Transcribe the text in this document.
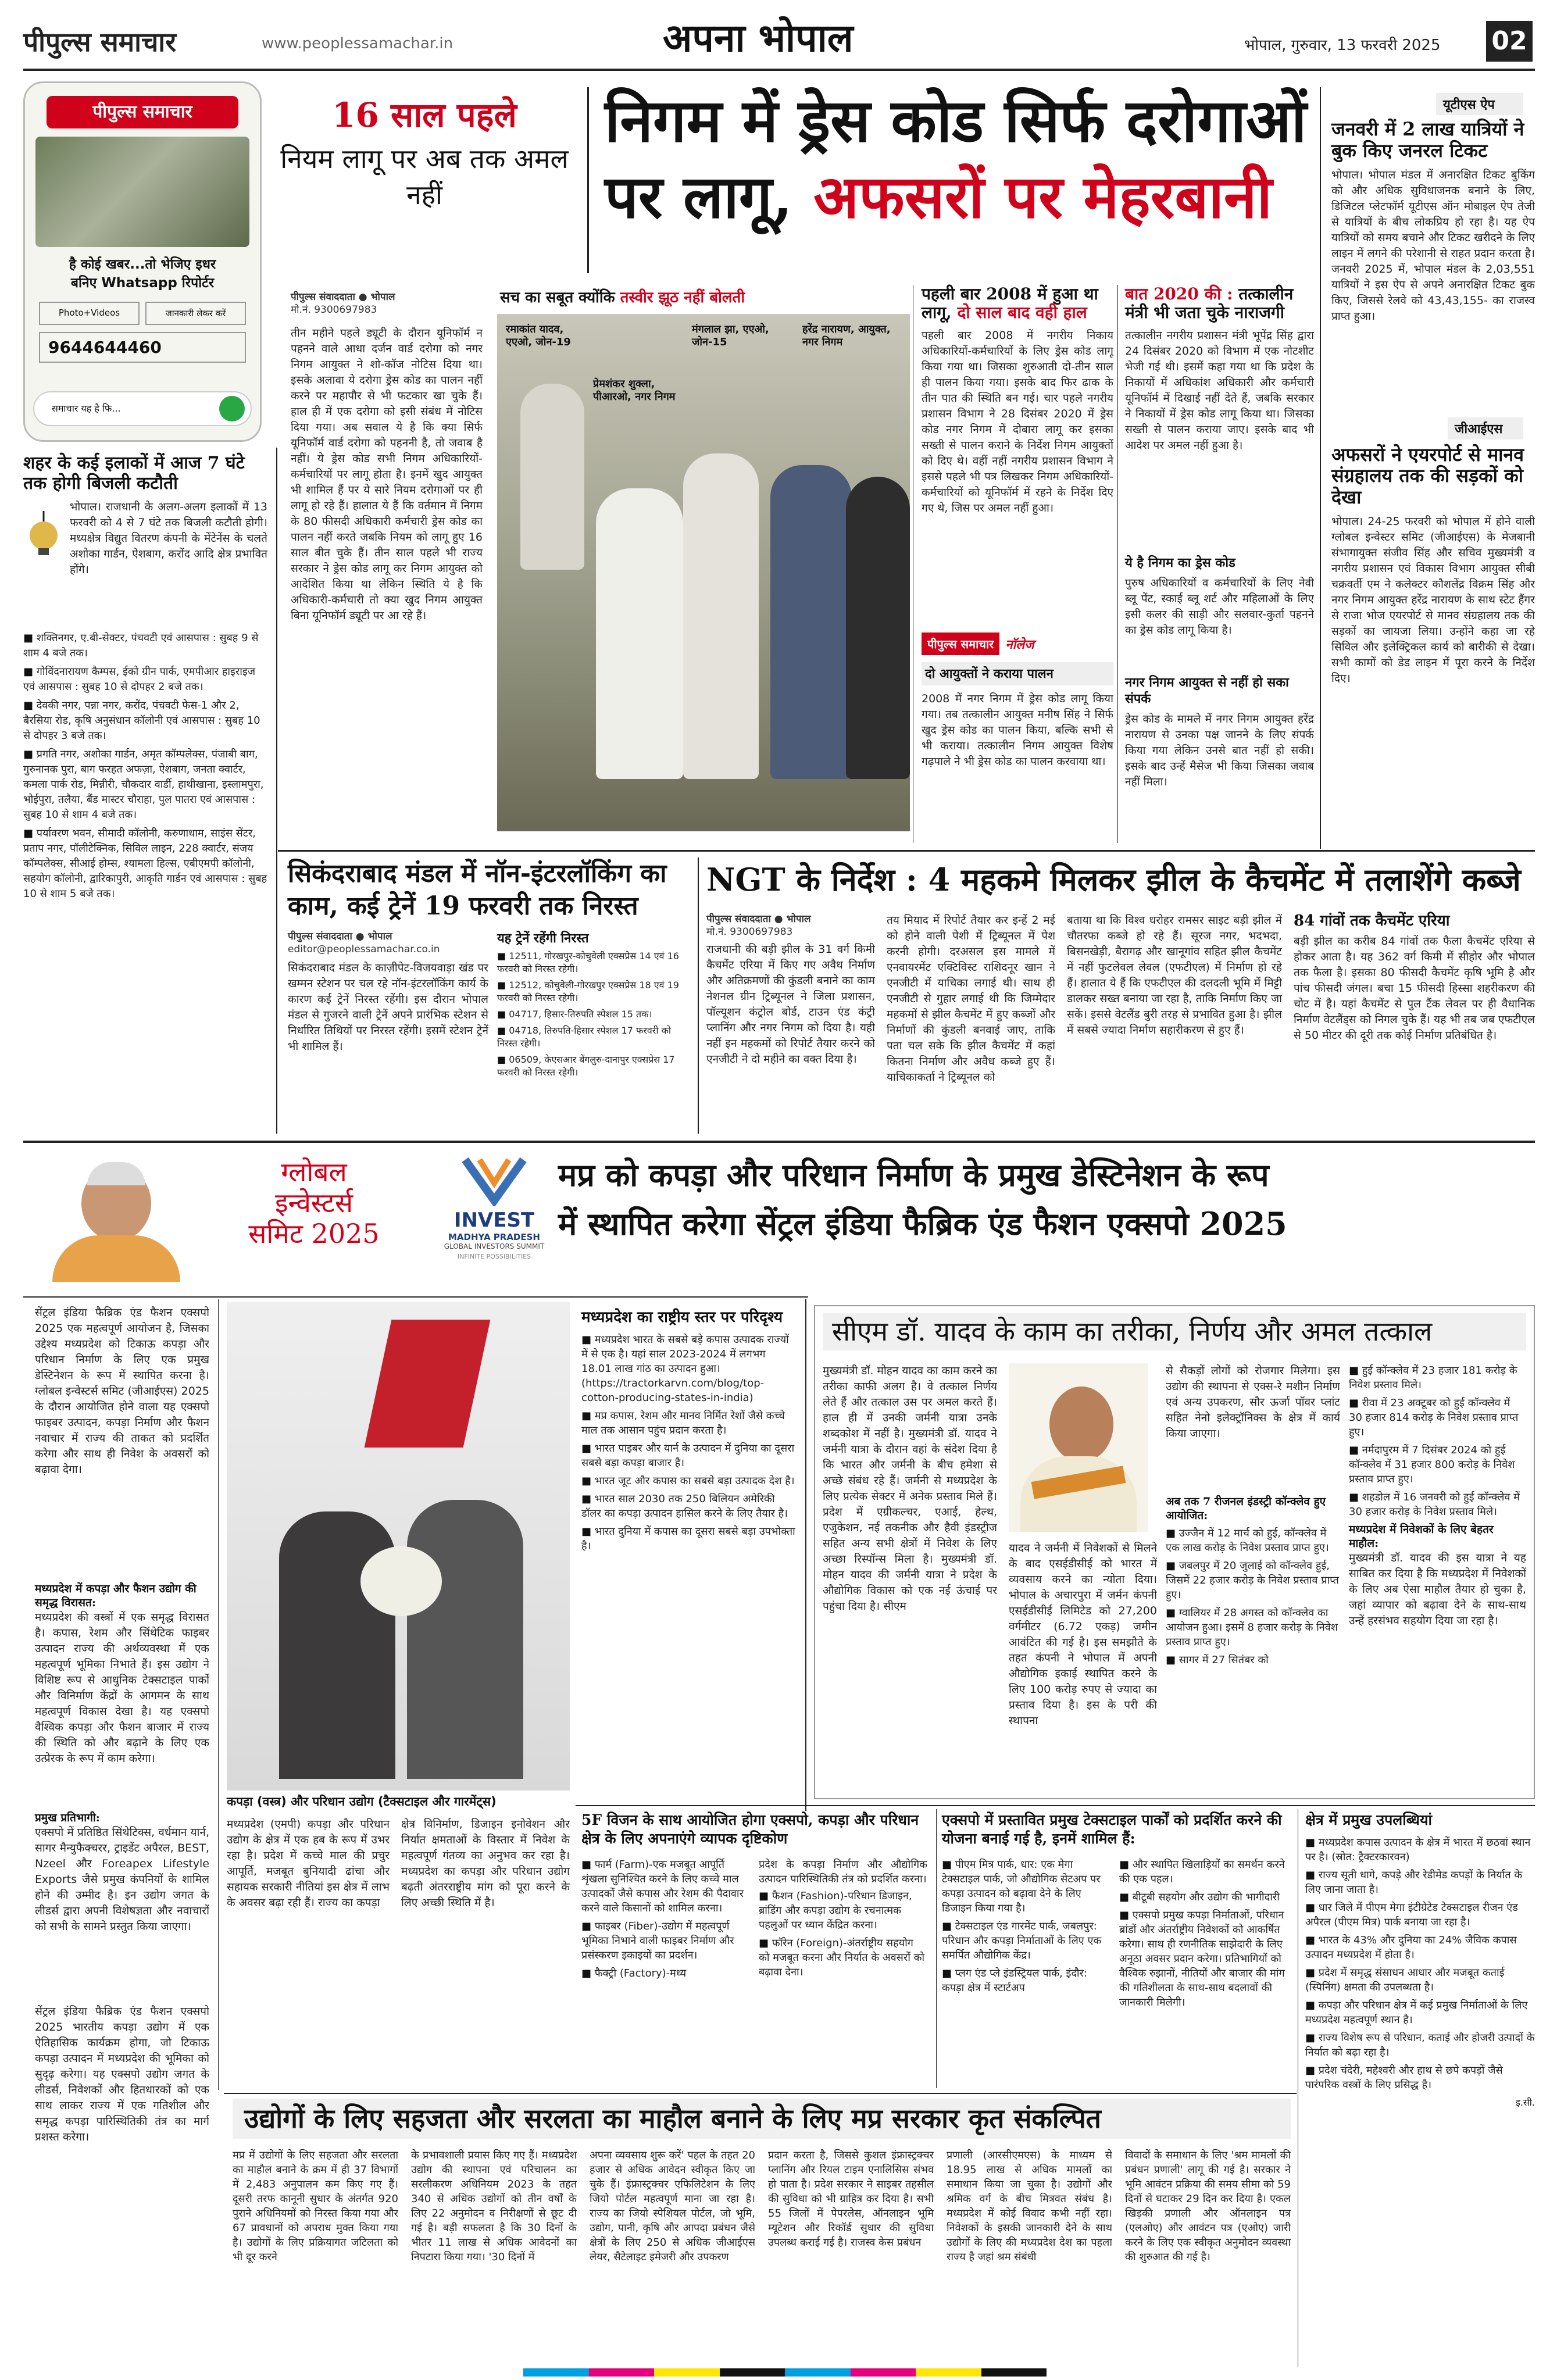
पीपुल्स समाचार	www.peoplessamachar.in	अपना भोपाल	भोपाल, गुरुवार, 13 फरवरी 2025 02
पीपुल्स समाचार
है कोई खबर...तो भेजिए इधर
बनिए Whatsapp रिपोर्टर
Photo+Videos	जानकारी लेकर करें
9644644460
समाचार यह है फि...
16 साल पहले
नियम लागू पर अब तक अमल नहीं
निगम में ड्रेस कोड सिर्फ दरोगाओं
पर लागू, अफसरों पर मेहरबानी
यूटीएस ऐप
जनवरी में 2 लाख यात्रियों ने बुक किए जनरल टिकट
भोपाल। भोपाल मंडल में अनारक्षित टिकट बुकिंग को और अधिक सुविधाजनक बनाने के लिए, डिजिटल प्लेटफॉर्म यूटीएस ऑन मोबाइल ऐप तेजी से यात्रियों के बीच लोकप्रिय हो रहा है। यह ऐप यात्रियों को समय बचाने और टिकट खरीदने के लिए लाइन में लगने की परेशानी से राहत प्रदान करता है। जनवरी 2025 में, भोपाल मंडल के 2,03,551 यात्रियों ने इस ऐप से अपने अनारक्षित टिकट बुक किए, जिससे रेलवे को 43,43,155- का राजस्व प्राप्त हुआ।
जीआईएस
अफसरों ने एयरपोर्ट से मानव संग्रहालय तक की सड़कों को देखा
भोपाल। 24-25 फरवरी को भोपाल में होने वाली ग्लोबल इन्वेस्टर समिट (जीआईएस) के मेजबानी संभागायुक्त संजीव सिंह और सचिव मुख्यमंत्री व नगरीय प्रशासन एवं विकास विभाग आयुक्त सीबी चक्रवर्ती एम ने कलेक्टर कौशलेंद्र विक्रम सिंह और नगर निगम आयुक्त हरेंद्र नारायण के साथ स्टेट हैंगर से राजा भोज एयरपोर्ट से मानव संग्रहालय तक की सड़कों का जायजा लिया। उन्होंने कहा जा रहे सिविल और इलेक्ट्रिकल कार्य को बारीकी से देखा। सभी कामों को डेड लाइन में पूरा करने के निर्देश दिए।
शहर के कई इलाकों में आज 7 घंटे तक होगी बिजली कटौती
भोपाल। राजधानी के अलग-अलग इलाकों में 13 फरवरी को 4 से 7 घंटे तक बिजली कटौती होगी। मध्यक्षेत्र विद्युत वितरण कंपनी के मेंटेनेंस के चलते अशोका गार्डन, ऐशबाग, करोंद आदि क्षेत्र प्रभावित होंगे।
■ शक्तिनगर, ए.बी-सेक्टर, पंचवटी एवं आसपास : सुबह 9 से शाम 4 बजे तक।
■ गोविंदनारायण कैम्पस, ईको ग्रीन पार्क, एमपीआर हाइराइज एवं आसपास : सुबह 10 से दोपहर 2 बजे तक।
■ देवकी नगर, पन्ना नगर, करोंद, पंचवटी फेस-1 और 2, बैरसिया रोड, कृषि अनुसंधान कॉलोनी एवं आसपास : सुबह 10 से दोपहर 3 बजे तक।
■ प्रगति नगर, अशोका गार्डन, अमृत कॉम्पलेक्स, पंजाबी बाग, गुरुनानक पुरा, बाग फरहत अफज़ा, ऐशबाग, जनता क्वार्टर, कमला पार्क रोड, मिन्नीरी, चौकदार वार्डी, हाथीखाना, इस्लामपुरा, भोईपुरा, तलैया, बैंड मास्टर चौराहा, पुल पातरा एवं आसपास : सुबह 10 से शाम 4 बजे तक।
■ पर्यावरण भवन, सीमादी कॉलोनी, करुणाधाम, साइंस सेंटर, प्रताप नगर, पॉलीटेक्निक, सिविल लाइन, 228 क्वार्टर, संजय कॉम्पलेक्स, सीआई होम्स, श्यामला हिल्स, एबीएमपी कॉलोनी, सहयोग कॉलोनी, द्वारिकापुरी, आकृति गार्डन एवं आसपास : सुबह 10 से शाम 5 बजे तक।
पीपुल्स संवाददाता ● भोपाल
मो.नं. 9300697983
तीन महीने पहले ड्यूटी के दौरान यूनिफॉर्म न पहनने वाले आधा दर्जन वार्ड दरोगा को नगर निगम आयुक्त ने शो-कॉज नोटिस दिया था। इसके अलावा ये दरोगा ड्रेस कोड का पालन नहीं करने पर महापौर से भी फटकार खा चुके हैं। हाल ही में एक दरोगा को इसी संबंध में नोटिस दिया गया। अब सवाल ये है कि क्या सिर्फ यूनिफॉर्म वार्ड दरोगा को पहननी है, तो जवाब है नहीं। ये ड्रेस कोड सभी निगम अधिकारियों-कर्मचारियों पर लागू होता है। इनमें खुद आयुक्त भी शामिल हैं पर ये सारे नियम दरोगाओं पर ही लागू हो रहे हैं। हालात ये हैं कि वर्तमान में निगम के 80 फीसदी अधिकारी कर्मचारी ड्रेस कोड का पालन नहीं करते जबकि नियम को लागू हुए 16 साल बीत चुके हैं। तीन साल पहले भी राज्य सरकार ने ड्रेस कोड लागू कर निगम आयुक्त को आदेशित किया था लेकिन स्थिति ये है कि अधिकारी-कर्मचारी तो क्या खुद निगम आयुक्त बिना यूनिफॉर्म ड्यूटी पर आ रहे हैं।
सच का सबूत क्योंकि तस्वीर झूठ नहीं बोलती
रमाकांत यादव, एएओ, जोन-19
मंगलाल झा, एएओ, जोन-15
हरेंद्र नारायण, आयुक्त, नगर निगम
प्रेमशंकर शुक्ला, पीआरओ, नगर निगम
पहली बार 2008 में हुआ था
लागू, दो साल बाद वही हाल
पहली बार 2008 में नगरीय निकाय अधिकारियों-कर्मचारियों के लिए ड्रेस कोड लागू किया गया था। जिसका शुरुआती दो-तीन साल ही पालन किया गया। इसके बाद फिर ढाक के तीन पात की स्थिति बन गई। चार पहले नगरीय प्रशासन विभाग ने 28 दिसंबर 2020 में ड्रेस कोड नगर निगम में दोबारा लागू कर इसका सख्ती से पालन कराने के निर्देश निगम आयुक्तों को दिए थे। वहीं नहीं नगरीय प्रशासन विभाग ने इससे पहले भी पत्र लिखकर निगम अधिकारियों-कर्मचारियों को यूनिफॉर्म में रहने के निर्देश दिए गए थे, जिस पर अमल नहीं हुआ।
पीपुल्स समाचार नॉलेज
दो आयुक्तों ने कराया पालन
2008 में नगर निगम में ड्रेस कोड लागू किया गया। तब तत्कालीन आयुक्त मनीष सिंह ने सिर्फ खुद ड्रेस कोड का पालन किया, बल्कि सभी से भी कराया। तत्कालीन निगम आयुक्त विशेष गढ़पाले ने भी ड्रेस कोड का पालन करवाया था।
बात 2020 की : तत्कालीन
मंत्री भी जता चुके नाराजगी
तत्कालीन नगरीय प्रशासन मंत्री भूपेंद्र सिंह द्वारा 24 दिसंबर 2020 को विभाग में एक नोटशीट भेजी गई थी। इसमें कहा गया था कि प्रदेश के निकायों में अधिकांश अधिकारी और कर्मचारी यूनिफॉर्म में दिखाई नहीं देते हैं, जबकि सरकार ने निकायों में ड्रेस कोड लागू किया था। जिसका सख्ती से पालन कराया जाए। इसके बाद भी आदेश पर अमल नहीं हुआ है।
ये है निगम का ड्रेस कोड
पुरुष अधिकारियों व कर्मचारियों के लिए नेवी ब्लू पेंट, स्काई ब्लू शर्ट और महिलाओं के लिए इसी कलर की साड़ी और सलवार-कुर्ता पहनने का ड्रेस कोड लागू किया है।
नगर निगम आयुक्त से नहीं हो सका संपर्क
ड्रेस कोड के मामले में नगर निगम आयुक्त हरेंद्र नारायण से उनका पक्ष जानने के लिए संपर्क किया गया लेकिन उनसे बात नहीं हो सकी। इसके बाद उन्हें मैसेज भी किया जिसका जवाब नहीं मिला।
सिकंदराबाद मंडल में नॉन-इंटरलॉकिंग का काम, कई ट्रेनें 19 फरवरी तक निरस्त
पीपुल्स संवाददाता ● भोपाल
editor@peoplessamachar.co.in
सिकंदराबाद मंडल के काज़ीपेट-विजयवाड़ा खंड पर खम्मन स्टेशन पर चल रहे नॉन-इंटरलॉकिंग कार्य के कारण कई ट्रेनें निरस्त रहेंगी। इस दौरान भोपाल मंडल से गुजरने वाली ट्रेनें अपने प्रारंभिक स्टेशन से निर्धारित तिथियों पर निरस्त रहेंगी। इसमें स्टेशन ट्रेनें भी शामिल हैं।
यह ट्रेनें रहेंगी निरस्त
■ 12511, गोरखपुर-कोचुवेली एक्सप्रेस 14 एवं 16 फरवरी को निरस्त रहेगी।
■ 12512, कोचुवेली-गोरखपुर एक्सप्रेस 18 एवं 19 फरवरी को निरस्त रहेगी।
■ 04717, हिसार-तिरुपति स्पेशल 15 तक।
■ 04718, तिरुपति-हिसार स्पेशल 17 फरवरी को निरस्त रहेगी।
■ 06509, केएसआर बेंगलुरु-दानापुर एक्सप्रेस 17 फरवरी को निरस्त रहेगी।
NGT के निर्देश : 4 महकमे मिलकर झील के कैचमेंट में तलाशेंगे कब्जे
पीपुल्स संवाददाता ● भोपाल
मो.नं. 9300697983
राजधानी की बड़ी झील के 31 वर्ग किमी कैचमेंट एरिया में किए गए अवैध निर्माण और अतिक्रमणों की कुंडली बनाने का काम नेशनल ग्रीन ट्रिब्यूनल ने जिला प्रशासन, पॉल्यूशन कंट्रोल बोर्ड, टाउन एंड कंट्री प्लानिंग और नगर निगम को दिया है। यही नहीं इन महकमों को रिपोर्ट तैयार करने को एनजीटी ने दो महीने का वक्त दिया है।
तय मियाद में रिपोर्ट तैयार कर इन्हें 2 मई को होने वाली पेशी में ट्रिब्यूनल में पेश करनी होगी। दरअसल इस मामले में एनवायरमेंट एक्टिविस्ट राशिदनूर खान ने एनजीटी में याचिका लगाई थी। साथ ही एनजीटी से गुहार लगाई थी कि जिम्मेदार महकमों से झील कैचमेंट में हुए कब्जों और निर्माणों की कुंडली बनवाई जाए, ताकि पता चल सके कि झील कैचमेंट में कहां कितना निर्माण और अवैध कब्जे हुए हैं। याचिकाकर्ता ने ट्रिब्यूनल को
बताया था कि विश्व धरोहर रामसर साइट बड़ी झील में चौतरफा कब्जे हो रहे हैं। सूरज नगर, भदभदा, बिसनखेड़ी, बैरागढ़ और खानूगांव सहित झील कैचमेंट में नहीं फुटलेवल लेवल (एफटीएल) में निर्माण हो रहे हैं। हालात ये हैं कि एफटीएल की दलदली भूमि में मिट्टी डालकर सख्त बनाया जा रहा है, ताकि निर्माण किए जा सकें। इससे वेटलैंड बुरी तरह से प्रभावित हुआ है। झील में सबसे ज्यादा निर्माण सहारीकरण से हुए हैं।
84 गांवों तक कैचमेंट एरिया
बड़ी झील का करीब 84 गांवों तक फैला कैचमेंट एरिया से होकर आता है। यह 362 वर्ग किमी में सीहोर और भोपाल तक फैला है। इसका 80 फीसदी कैचमेंट कृषि भूमि है और पांच फीसदी जंगल। बचा 15 फीसदी हिस्सा शहरीकरण की चोट में है। यहां कैचमेंट से पुल टैंक लेवल पर ही वैधानिक निर्माण वेटलैंड्स को निगल चुके हैं। यह भी तब जब एफटीएल से 50 मीटर की दूरी तक कोई निर्माण प्रतिबंधित है।
ग्लोबल
इन्वेस्टर्स
समिट 2025	INVEST
MADHYA PRADESH
GLOBAL INVESTORS SUMMIT
INFINITE POSSIBILITIES
मप्र को कपड़ा और परिधान निर्माण के प्रमुख डेस्टिनेशन के रूप
में स्थापित करेगा सेंट्रल इंडिया फैब्रिक एंड फैशन एक्सपो 2025
सेंट्रल इंडिया फैब्रिक एंड फैशन एक्सपो 2025 एक महत्वपूर्ण आयोजन है, जिसका उद्देश्य मध्यप्रदेश को टिकाऊ कपड़ा और परिधान निर्माण के लिए एक प्रमुख डेस्टिनेशन के रूप में स्थापित करना है। ग्लोबल इन्वेस्टर्स समिट (जीआईएस) 2025 के दौरान आयोजित होने वाला यह एक्सपो फाइबर उत्पादन, कपड़ा निर्माण और फैशन नवाचार में राज्य की ताकत को प्रदर्शित करेगा और साथ ही निवेश के अवसरों को बढ़ावा देगा।
मध्यप्रदेश में कपड़ा और फैशन उद्योग की समृद्ध विरासत:
मध्यप्रदेश की वस्त्रों में एक समृद्ध विरासत है। कपास, रेशम और सिंथेटिक फाइबर उत्पादन राज्य की अर्थव्यवस्था में एक महत्वपूर्ण भूमिका निभाते हैं। इस उद्योग ने विशिष्ट रूप से आधुनिक टेक्सटाइल पार्कों और विनिर्माण केंद्रों के आगमन के साथ महत्वपूर्ण विकास देखा है। यह एक्सपो वैश्विक कपड़ा और फैशन बाजार में राज्य की स्थिति को और बढ़ाने के लिए एक उत्प्रेरक के रूप में काम करेगा।
प्रमुख प्रतिभागी:
एक्सपो में प्रतिष्ठित सिंथेटिक्स, वर्धमान यार्न, सागर मैन्युफैक्चरर, ट्राइडेंट अपैरल, BEST, Nzeel और Foreapex Lifestyle Exports जैसे प्रमुख कंपनियों के शामिल होने की उम्मीद है। इन उद्योग जगत के लीडर्स द्वारा अपनी विशेषज्ञता और नवाचारों को सभी के सामने प्रस्तुत किया जाएगा।
सेंट्रल इंडिया फैब्रिक एंड फैशन एक्सपो 2025 भारतीय कपड़ा उद्योग में एक ऐतिहासिक कार्यक्रम होगा, जो टिकाऊ कपड़ा उत्पादन में मध्यप्रदेश की भूमिका को सुदृढ़ करेगा। यह एक्सपो उद्योग जगत के लीडर्स, निवेशकों और हितधारकों को एक साथ लाकर राज्य में एक गतिशील और समृद्ध कपड़ा पारिस्थितिकी तंत्र का मार्ग प्रशस्त करेगा।
कपड़ा (वस्त्र) और परिधान उद्योग (टैक्सटाइल और गारमेंट्स)
मध्यप्रदेश (एमपी) कपड़ा और परिधान उद्योग के क्षेत्र में एक हब के रूप में उभर रहा है। प्रदेश में कच्चे माल की प्रचुर आपूर्ति, मजबूत बुनियादी ढांचा और सहायक सरकारी नीतियां इस क्षेत्र में लाभ के अवसर बढ़ा रही हैं। राज्य का कपड़ा
क्षेत्र विनिर्माण, डिजाइन इनोवेशन और निर्यात क्षमताओं के विस्तार में निवेश के महत्वपूर्ण गंतव्य का अनुभव कर रहा है। मध्यप्रदेश का कपड़ा और परिधान उद्योग बढ़ती अंतरराष्ट्रीय मांग को पूरा करने के लिए अच्छी स्थिति में है।
मध्यप्रदेश का राष्ट्रीय स्तर पर परिदृश्य
■ मध्यप्रदेश भारत के सबसे बड़े कपास उत्पादक राज्यों में से एक है। यहां साल 2023-2024 में लगभग 18.01 लाख गांठ का उत्पादन हुआ।(https://tractorkarvn.com/blog/top-cotton-producing-states-in-india)
■ मप्र कपास, रेशम और मानव निर्मित रेशों जैसे कच्चे माल तक आसान पहुंच प्रदान करता है।
■ भारत पाइबर और यार्न के उत्पादन में दुनिया का दूसरा सबसे बड़ा कपड़ा बाजार है।
■ भारत जूट और कपास का सबसे बड़ा उत्पादक देश है।
■ भारत साल 2030 तक 250 बिलियन अमेरिकी डॉलर का कपड़ा उत्पादन हासिल करने के लिए तैयार है।
■ भारत दुनिया में कपास का दूसरा सबसे बड़ा उपभोक्ता है।
सीएम डॉ. यादव के काम का तरीका, निर्णय और अमल तत्काल
मुख्यमंत्री डॉ. मोहन यादव का काम करने का तरीका काफी अलग है। वे तत्काल निर्णय लेते हैं और तत्काल उस पर अमल करते हैं। हाल ही में उनकी जर्मनी यात्रा उनके शब्दकोश में नहीं है। मुख्यमंत्री डॉ. यादव ने जर्मनी यात्रा के दौरान वहां के संदेश दिया है कि भारत और जर्मनी के बीच हमेशा से अच्छे संबंध रहे हैं। जर्मनी से मध्यप्रदेश के लिए प्रत्येक सेक्टर में अनेक प्रस्ताव मिले हैं। प्रदेश में एग्रीकल्चर, एआई, हेल्थ, एजुकेशन, नई तकनीक और हैवी इंडस्ट्रीज सहित अन्य सभी क्षेत्रों में निवेश के लिए अच्छा रिस्पॉन्स मिला है। मुख्यमंत्री डॉ. मोहन यादव की जर्मनी यात्रा ने प्रदेश के औद्योगिक विकास को एक नई ऊंचाई पर पहुंचा दिया है। सीएम
यादव ने जर्मनी में निवेशकों से मिलने के बाद एसईडीसीई को भारत में व्यवसाय करने का न्योता दिया। भोपाल के अचारपुरा में जर्मन कंपनी एसईडीसीई लिमिटेड को 27,200 वर्गमीटर (6.72 एकड़) जमीन आवंटित की गई है। इस समझौते के तहत कंपनी ने भोपाल में अपनी औद्योगिक इकाई स्थापित करने के लिए 100 करोड़ रुपए से ज्यादा का प्रस्ताव दिया है। इस के परी की स्थापना
से सैकड़ों लोगों को रोजगार मिलेगा। इस उद्योग की स्थापना से एक्स-रे मशीन निर्माण एवं अन्य उपकरण, सौर ऊर्जा पॉवर प्लांट सहित नेनो इलेक्ट्रॉनिक्स के क्षेत्र में कार्य किया जाएगा।
अब तक 7 रीजनल इंडस्ट्री कॉन्क्लेव हुए आयोजित:
■ उज्जैन में 12 मार्च को हुई, कॉन्क्लेव में एक लाख करोड़ के निवेश प्रस्ताव प्राप्त हुए।
■ जबलपुर में 20 जुलाई को कॉन्क्लेव हुई, जिसमें 22 हजार करोड़ के निवेश प्रस्ताव प्राप्त हुए।
■ ग्वालियर में 28 अगस्त को कॉन्क्लेव का आयोजन हुआ। इसमें 8 हजार करोड़ के निवेश प्रस्ताव प्राप्त हुए।
■ सागर में 27 सितंबर को
■ हुई कॉन्क्लेव में 23 हजार 181 करोड़ के निवेश प्रस्ताव मिले।
■ रीवा में 23 अक्टूबर को हुई कॉन्क्लेव में 30 हजार 814 करोड़ के निवेश प्रस्ताव प्राप्त हुए।
■ नर्मदापुरम में 7 दिसंबर 2024 को हुई कॉन्क्लेव में 31 हजार 800 करोड़ के निवेश प्रस्ताव प्राप्त हुए।
■ शहडोल में 16 जनवरी को हुई कॉन्क्लेव में 30 हजार करोड़ के निवेश प्रस्ताव मिले।
मध्यप्रदेश में निवेशकों के लिए बेहतर माहौल:
मुख्यमंत्री डॉ. यादव की इस यात्रा ने यह साबित कर दिया है कि मध्यप्रदेश में निवेशकों के लिए अब ऐसा माहौल तैयार हो चुका है, जहां व्यापार को बढ़ावा देने के साथ-साथ उन्हें हरसंभव सहयोग दिया जा रहा है।
5F विजन के साथ आयोजित होगा एक्सपो, कपड़ा और परिधान क्षेत्र के लिए अपनाएंगे व्यापक दृष्टिकोण
■ फार्म (Farm)-एक मजबूत आपूर्ति शृंखला सुनिश्चित करने के लिए कच्चे माल उत्पादकों जैसे कपास और रेशम की पैदावार करने वाले किसानों को शामिल करना।
■ फाइबर (Fiber)-उद्योग में महत्वपूर्ण भूमिका निभाने वाली फाइबर निर्माण और प्रसंस्करण इकाइयों का प्रदर्शन।
■ फैक्ट्री (Factory)-मध्य
प्रदेश के कपड़ा निर्माण और औद्योगिक उत्पादन पारिस्थितिकी तंत्र को प्रदर्शित करना।
■ फैशन (Fashion)-परिधान डिजाइन, ब्रांडिंग और कपड़ा उद्योग के रचनात्मक पहलुओं पर ध्यान केंद्रित करना।
■ फॉरेन (Foreign)-अंतर्राष्ट्रीय सहयोग को मजबूत करना और निर्यात के अवसरों को बढ़ावा देना।
एक्सपो में प्रस्तावित प्रमुख टेक्सटाइल पार्कों को प्रदर्शित करने की योजना बनाई गई है, इनमें शामिल हैं:
■ पीएम मित्र पार्क, धार: एक मेगा टेक्सटाइल पार्क, जो औद्योगिक सेटअप पर कपड़ा उत्पादन को बढ़ावा देने के लिए डिजाइन किया गया है।
■ टेक्सटाइल एंड गारमेंट पार्क, जबलपुर: परिधान और कपड़ा निर्माताओं के लिए एक समर्पित औद्योगिक केंद्र।
■ प्लग एंड प्ले इंडस्ट्रियल पार्क, इंदौर: कपड़ा क्षेत्र में स्टार्टअप
■ और स्थापित खिलाड़ियों का समर्थन करने की एक पहल।
■ बीटूबी सहयोग और उद्योग की भागीदारी
■ एक्सपो प्रमुख कपड़ा निर्माताओं, परिधान ब्रांडों और अंतर्राष्ट्रीय निवेशकों को आकर्षित करेगा। साथ ही रणनीतिक साझेदारी के लिए अनूठा अवसर प्रदान करेगा। प्रतिभागियों को वैश्विक रुझानों, नीतियों और बाजार की मांग की गतिशीलता के साथ-साथ बदलावों की जानकारी मिलेगी।
क्षेत्र में प्रमुख उपलब्धियां
■ मध्यप्रदेश कपास उत्पादन के क्षेत्र में भारत में छठवां स्थान पर है। (स्रोत: ट्रैक्टरकारवन)
■ राज्य सूती धागे, कपड़े और रेडीमेड कपड़ों के निर्यात के लिए जाना जाता है।
■ धार जिले में पीएम मेगा इंटीग्रेटेड टेक्सटाइल रीजन एंड अपैरल (पीएम मित्र) पार्क बनाया जा रहा है।
■ भारत के 43% और दुनिया का 24% जैविक कपास उत्पादन मध्यप्रदेश में होता है।
■ प्रदेश में समृद्ध संसाधन आधार और मजबूत कताई (स्पिनिंग) क्षमता की उपलब्धता है।
■ कपड़ा और परिधान क्षेत्र में कई प्रमुख निर्माताओं के लिए मध्यप्रदेश महत्वपूर्ण स्थान है।
■ राज्य विशेष रूप से परिधान, कताई और होजरी उत्पादों के निर्यात को बढ़ा रहा है।
■ प्रदेश चंदेरी, महेश्वरी और हाथ से छपे कपड़ों जैसे पारंपरिक वस्त्रों के लिए प्रसिद्ध है।
इ.सी.
उद्योगों के लिए सहजता और सरलता का माहौल बनाने के लिए मप्र सरकार कृत संकल्पित
मप्र में उद्योगों के लिए सहजता और सरलता का माहौल बनाने के क्रम में ही 37 विभागों में 2,483 अनुपालन कम किए गए हैं। दूसरी तरफ कानूनी सुधार के अंतर्गत 920 पुराने अधिनियमों को निरस्त किया गया और 67 प्रावधानों को अपराध मुक्त किया गया है। उद्योगों के लिए प्रक्रियागत जटिलता को भी दूर करने
के प्रभावशाली प्रयास किए गए हैं। मध्यप्रदेश उद्योग की स्थापना एवं परिचालन का सरलीकरण अधिनियम 2023 के तहत 340 से अधिक उद्योगों को तीन वर्षों के लिए 22 अनुमोदन व निरीक्षणों से छूट दी गई है। बड़ी सफलता है कि 30 दिनों के भीतर 11 लाख से अधिक आवेदनों का निपटारा किया गया। '30 दिनों में
अपना व्यवसाय शुरू करें' पहल के तहत 20 हजार से अधिक आवेदन स्वीकृत किए जा चुके हैं। इंफ्रास्ट्रक्चर एफिलिटेशन के लिए जियो पोर्टल महत्वपूर्ण माना जा रहा है। राज्य का जियो स्पेशियल पोर्टल, जो भूमि, उद्योग, पानी, कृषि और आपदा प्रबंधन जैसे क्षेत्रों के लिए 250 से अधिक जीआईएस लेयर, सैटेलाइट इमेजरी और उपकरण
प्रदान करता है, जिससे कुशल इंफ्रास्ट्रक्चर प्लानिंग और रियल टाइम एनालिसिस संभव हो पाता है। प्रदेश सरकार ने साइबर तहसील की सुविधा को भी ग्राहित्र कर दिया है। सभी 55 जिलों में पेपरलेस, ऑनलाइन भूमि म्यूटेशन और रिकॉर्ड सुधार की सुविधा उपलब्ध कराई गई है। राजस्व केस प्रबंधन
प्रणाली (आरसीएमएस) के माध्यम से 18.95 लाख से अधिक मामलों का समाधान किया जा चुका है। उद्योगों और श्रमिक वर्ग के बीच मित्रवत संबंध है। मध्यप्रदेश में कोई विवाद कभी नहीं रहा। निवेशकों के इसकी जानकारी देने के साथ उद्योगों के लिए की मध्यप्रदेश देश का पहला राज्य है जहां श्रम संबंधी
विवादों के समाधान के लिए 'श्रम मामलों की प्रबंधन प्रणाली' लागू की गई है। सरकार ने भूमि आवंटन प्रक्रिया की समय सीमा को 59 दिनों से घटाकर 29 दिन कर दिया है। एकल खिड़की प्रणाली और ऑनलाइन पत्र (एलओए) और आवंटन पत्र (एओए) जारी करने के लिए एक स्वीकृत अनुमोदन व्यवस्था की शुरुआत की गई है।
